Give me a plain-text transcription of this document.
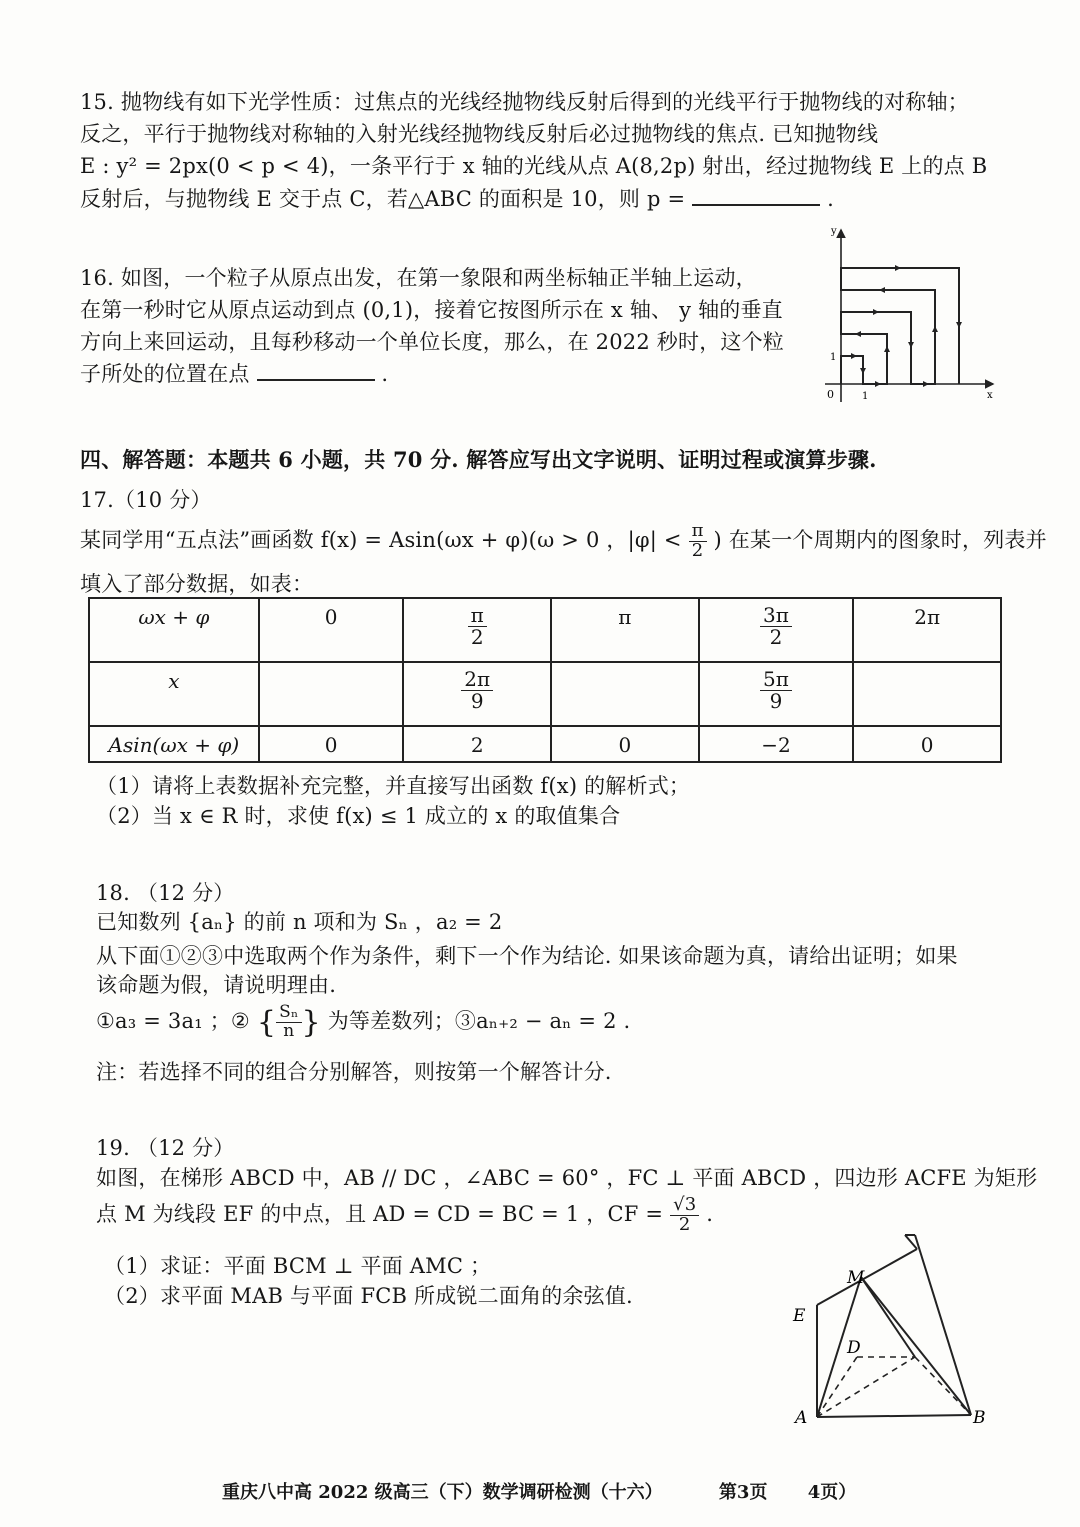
15. 抛物线有如下光学性质：过焦点的光线经抛物线反射后得到的光线平行于抛物线的对称轴；
反之，平行于抛物线对称轴的入射光线经抛物线反射后必过抛物线的焦点. 已知抛物线
E : y² = 2px(0 < p < 4)，一条平行于 x 轴的光线从点 A(8,2p) 射出，经过抛物线 E 上的点 B
反射后，与抛物线 E 交于点 C，若△ABC 的面积是 10，则 p =	.
16. 如图，一个粒子从原点出发，在第一象限和两坐标轴正半轴上运动，
在第一秒时它从原点运动到点 (0,1)，接着它按图所示在 x 轴、 y 轴的垂直
方向上来回运动，且每秒移动一个单位长度，那么，在 2022 秒时，这个粒
子所处的位置在点	.
y
x
0	1
1
四、解答题：本题共 6 小题，共 70 分. 解答应写出文字说明、证明过程或演算步骤.
17.（10 分）
某同学用“五点法”画函数 f(x) = Asin(ωx + φ)(ω > 0 ，$|\varphi| < \frac{\pi}{2}$ ) 在某一个周期内的图象时，列表并
填入了部分数据，如表：
ωx + φ	0	$\frac{\pi}{2}$	π	$\frac{3\pi}{2}$	2π
x		$\frac{2\pi}{9}$		$\frac{5\pi}{9}$

Asin(ωx + φ)	0	2	0	−2	0
（1）请将上表数据补充完整，并直接写出函数 f(x) 的解析式；
（2）当 x ∈ R 时，求使 f(x) ≤ 1 成立的 x 的取值集合
18. （12 分）
已知数列 {aₙ} 的前 n 项和为 Sₙ ，a₂ = 2
从下面①②③中选取两个作为条件，剩下一个作为结论. 如果该命题为真，请给出证明；如果
该命题为假，请说明理由.
①a₃ = 3a₁ ；② { $\frac{\text{Sₙ}}{n}$ } 为等差数列；③aₙ₊₂ − aₙ = 2 .
注：若选择不同的组合分别解答，则按第一个解答计分.
19. （12 分）
如图，在梯形 ABCD 中，AB // DC ，∠ABC = 60° ，FC ⊥ 平面 ABCD ，四边形 ACFE 为矩形
点 M 为线段 EF 的中点，且 AD = CD = BC = 1 ，CF = $\frac{√3}{2}$ .
（1）求证：平面 BCM ⊥ 平面 AMC ；
（2）求平面 MAB 与平面 FCB 所成锐二面角的余弦值.
M
E
D
A	B
重庆八中高 2022 级高三（下）数学调研检测（十六）	第3页 4页）
